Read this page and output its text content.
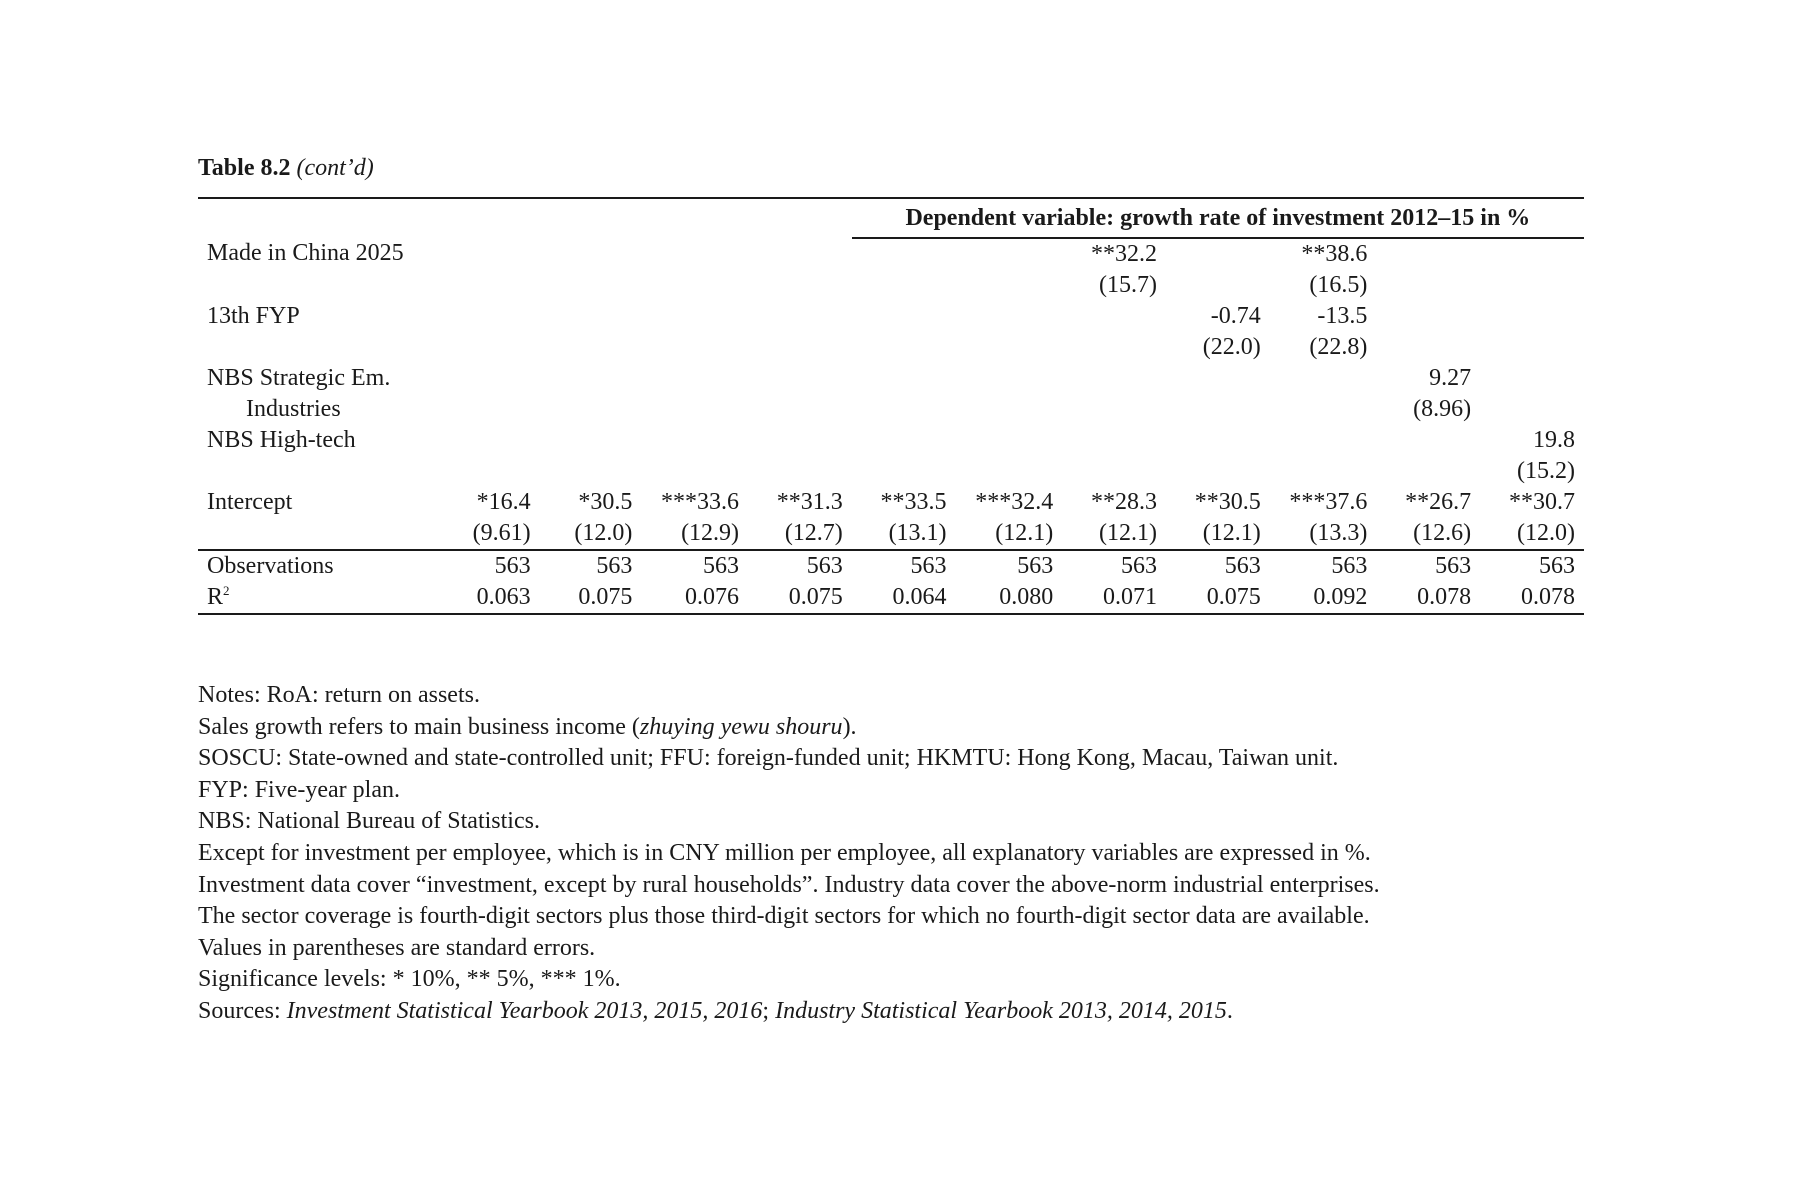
Table 8.2 (cont’d)
					Dependent variable: growth rate of investment 2012–15 in %						
Made in China 2025							**32.2		**38.6		
							(15.7)		(16.5)		
13th FYP								-0.74	-13.5		
								(22.0)	(22.8)		
NBS Strategic Em.										9.27	
Industries										(8.96)	
NBS High-tech											19.8
											(15.2)
Intercept	*16.4	*30.5	***33.6	**31.3	**33.5	***32.4	**28.3	**30.5	***37.6	**26.7	**30.7
	(9.61)	(12.0)	(12.9)	(12.7)	(13.1)	(12.1)	(12.1)	(12.1)	(13.3)	(12.6)	(12.0)
Observations	563	563	563	563	563	563	563	563	563	563	563
$R^2$	0.063	0.075	0.076	0.075	0.064	0.080	0.071	0.075	0.092	0.078	0.078
Notes: RoA: return on assets.
Sales growth refers to main business income (zhuying yewu shouru).
SOSCU: State-owned and state-controlled unit; FFU: foreign-funded unit; HKMTU: Hong Kong, Macau, Taiwan unit.
FYP: Five-year plan.
NBS: National Bureau of Statistics.
Except for investment per employee, which is in CNY million per employee, all explanatory variables are expressed in %.
Investment data cover “investment, except by rural households”. Industry data cover the above-norm industrial enterprises.
The sector coverage is fourth-digit sectors plus those third-digit sectors for which no fourth-digit sector data are available.
Values in parentheses are standard errors.
Significance levels: * 10%, ** 5%, *** 1%.
Sources: Investment Statistical Yearbook 2013, 2015, 2016; Industry Statistical Yearbook 2013, 2014, 2015.
